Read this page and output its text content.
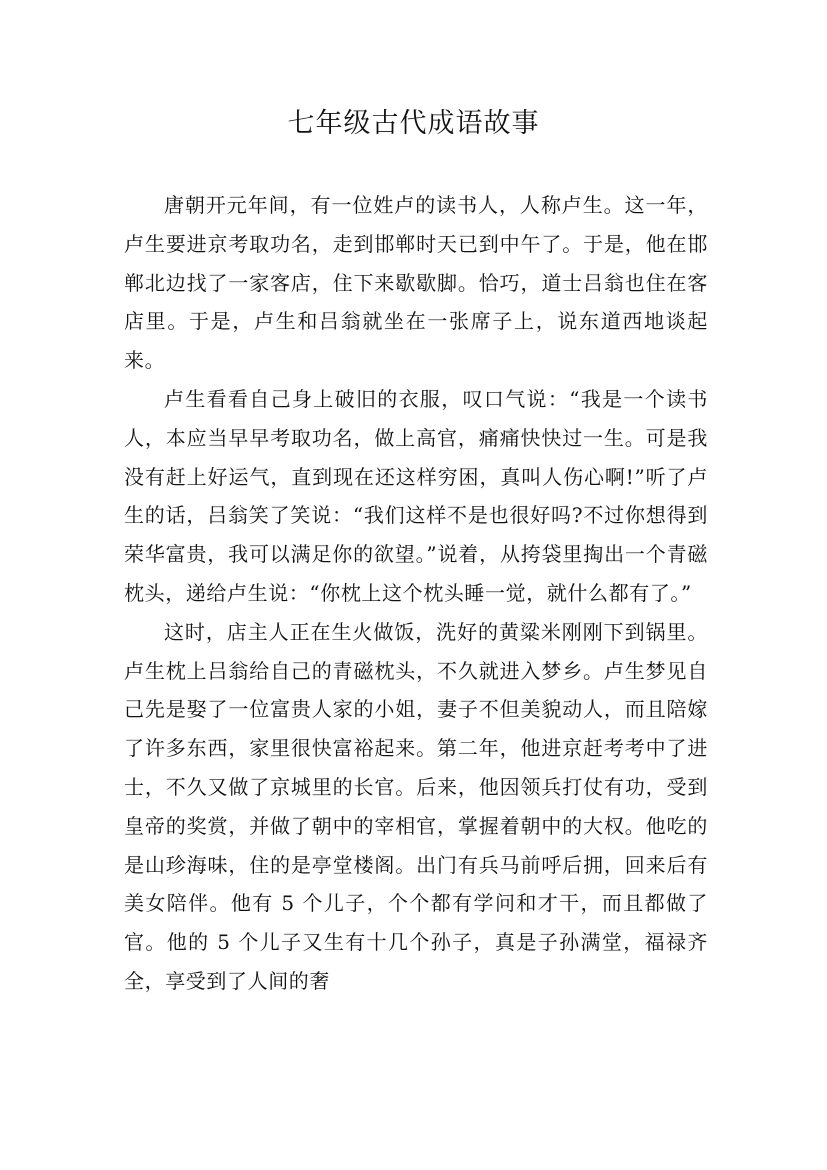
七年级古代成语故事

唐朝开元年间，有一位姓卢的读书人，人称卢生。这一年，卢生要进京考取功名，走到邯郸时天已到中午了。于是，他在邯郸北边找了一家客店，住下来歇歇脚。恰巧，道士吕翁也住在客店里。于是，卢生和吕翁就坐在一张席子上，说东道西地谈起来。

卢生看看自己身上破旧的衣服，叹口气说：“我是一个读书人，本应当早早考取功名，做上高官，痛痛快快过一生。可是我没有赶上好运气，直到现在还这样穷困，真叫人伤心啊!”听了卢生的话，吕翁笑了笑说：“我们这样不是也很好吗?不过你想得到荣华富贵，我可以满足你的欲望。”说着，从挎袋里掏出一个青磁枕头，递给卢生说：“你枕上这个枕头睡一觉，就什么都有了。”

这时，店主人正在生火做饭，洗好的黄粱米刚刚下到锅里。卢生枕上吕翁给自己的青磁枕头，不久就进入梦乡。卢生梦见自己先是娶了一位富贵人家的小姐，妻子不但美貌动人，而且陪嫁了许多东西，家里很快富裕起来。第二年，他进京赶考考中了进士，不久又做了京城里的长官。后来，他因领兵打仗有功，受到皇帝的奖赏，并做了朝中的宰相官，掌握着朝中的大权。他吃的是山珍海味，住的是亭堂楼阁。出门有兵马前呼后拥，回来后有美女陪伴。他有 5 个儿子，个个都有学问和才干，而且都做了官。他的 5 个儿子又生有十几个孙子，真是子孙满堂，福禄齐全，享受到了人间的奢
